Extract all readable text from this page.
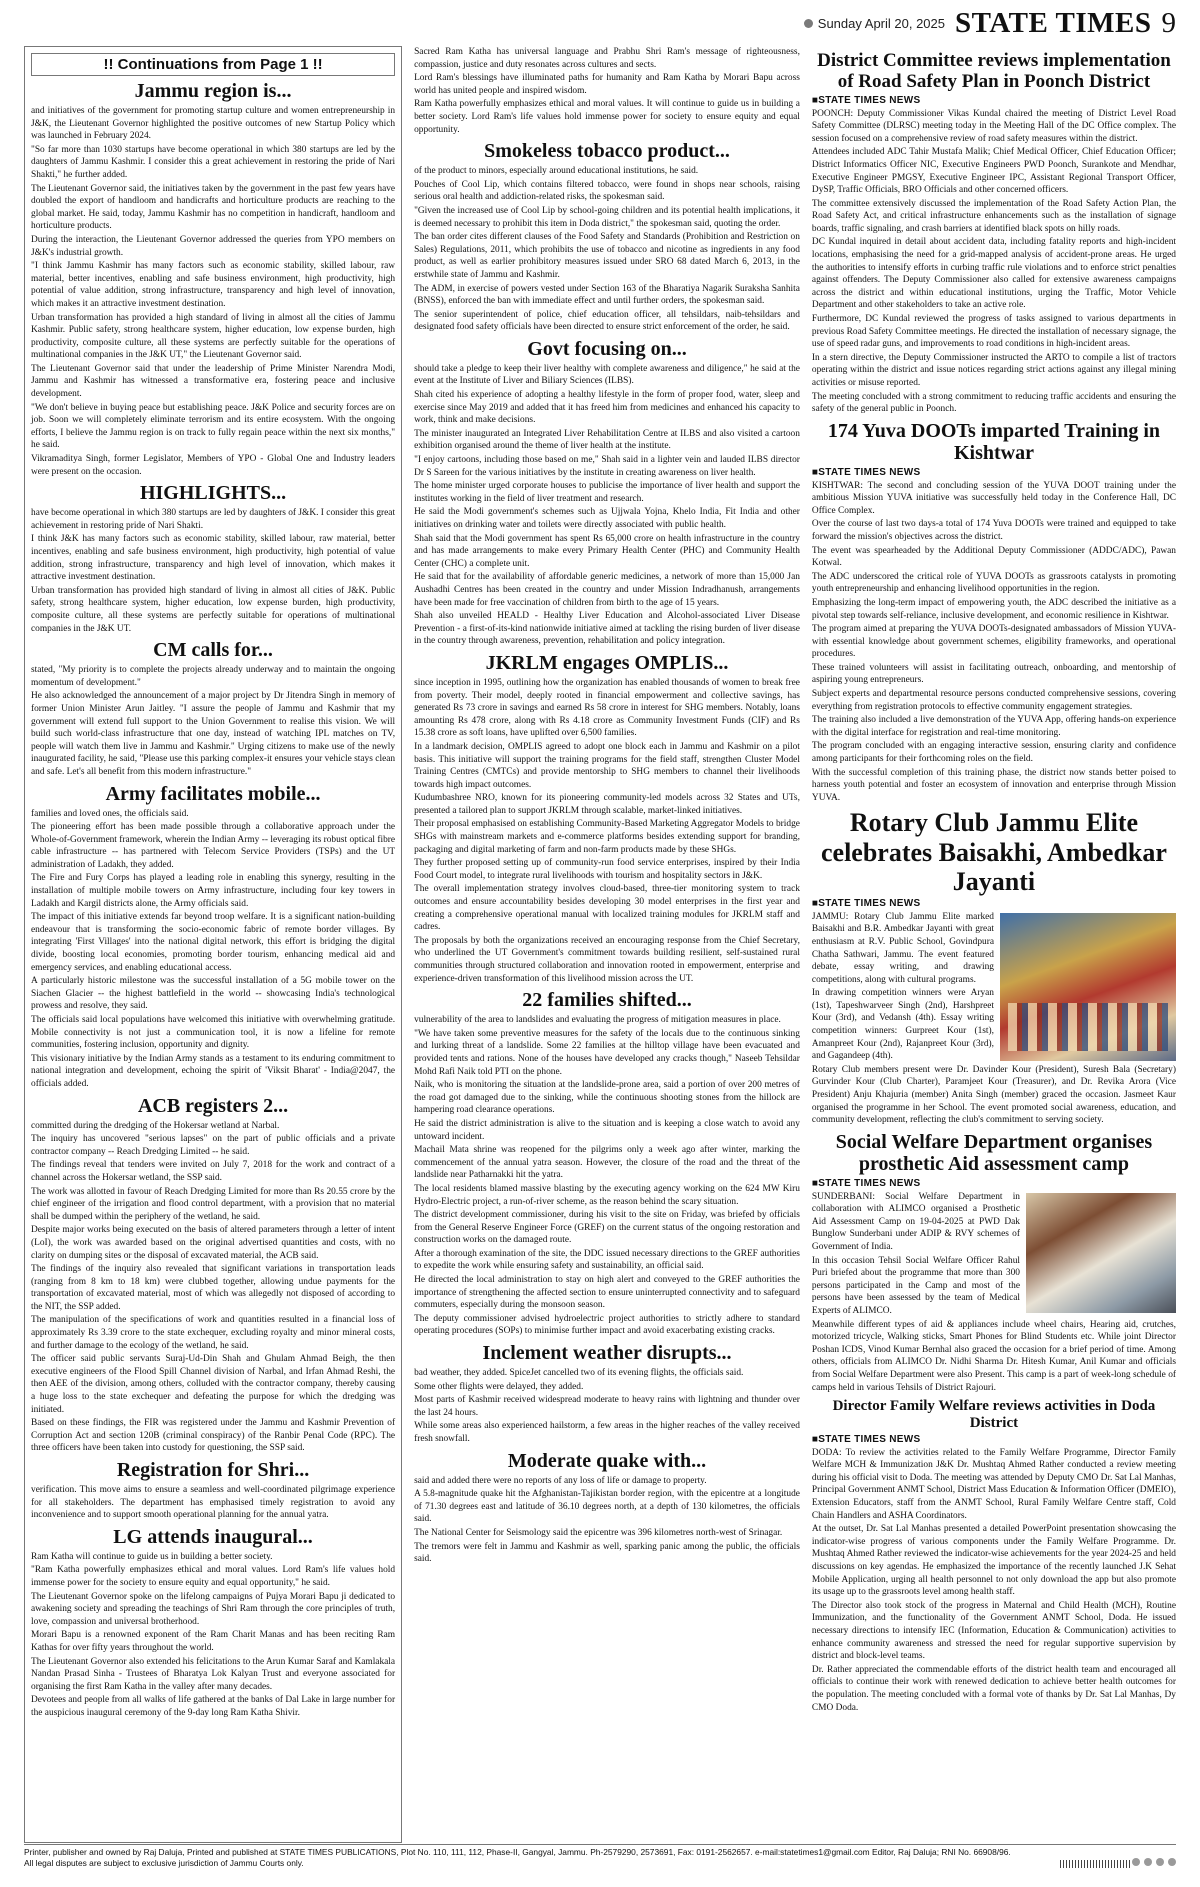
Sunday April 20, 2025 STATE TIMES 9
!! Continuations from Page 1 !!
Jammu region is...

and initiatives of the government for promoting startup culture and women entrepreneurship in J&K, the Lieutenant Governor highlighted the positive outcomes of new Startup Policy which was launched in February 2024.

"So far more than 1030 startups have become operational in which 380 startups are led by the daughters of Jammu Kashmir. I consider this a great achievement in restoring the pride of Nari Shakti," he further added.

The Lieutenant Governor said, the initiatives taken by the government in the past few years have doubled the export of handloom and handicrafts and horticulture products are reaching to the global market. He said, today, Jammu Kashmir has no competition in handicraft, handloom and horticulture products.

During the interaction, the Lieutenant Governor addressed the queries from YPO members on J&K's industrial growth.

"I think Jammu Kashmir has many factors such as economic stability, skilled labour, raw material, better incentives, enabling and safe business environment, high productivity, high potential of value addition, strong infrastructure, transparency and high level of innovation, which makes it an attractive investment destination.

Urban transformation has provided a high standard of living in almost all the cities of Jammu Kashmir. Public safety, strong healthcare system, higher education, low expense burden, high productivity, composite culture, all these systems are perfectly suitable for the operations of multinational companies in the J&K UT," the Lieutenant Governor said.

The Lieutenant Governor said that under the leadership of Prime Minister Narendra Modi, Jammu and Kashmir has witnessed a transformative era, fostering peace and inclusive development.

"We don't believe in buying peace but establishing peace. J&K Police and security forces are on job. Soon we will completely eliminate terrorism and its entire ecosystem. With the ongoing efforts, I believe the Jammu region is on track to fully regain peace within the next six months," he said.

Vikramaditya Singh, former Legislator, Members of YPO - Global One and Industry leaders were present on the occasion.

HIGHLIGHTS...

have become operational in which 380 startups are led by daughters of J&K. I consider this great achievement in restoring pride of Nari Shakti.

I think J&K has many factors such as economic stability, skilled labour, raw material, better incentives, enabling and safe business environment, high productivity, high potential of value addition, strong infrastructure, transparency and high level of innovation, which makes it attractive investment destination.

Urban transformation has provided high standard of living in almost all cities of J&K. Public safety, strong healthcare system, higher education, low expense burden, high productivity, composite culture, all these systems are perfectly suitable for operations of multinational companies in the J&K UT.

CM calls for...

stated, "My priority is to complete the projects already underway and to maintain the ongoing momentum of development."

He also acknowledged the announcement of a major project by Dr Jitendra Singh in memory of former Union Minister Arun Jaitley. "I assure the people of Jammu and Kashmir that my government will extend full support to the Union Government to realise this vision. We will build such world-class infrastructure that one day, instead of watching IPL matches on TV, people will watch them live in Jammu and Kashmir." Urging citizens to make use of the newly inaugurated facility, he said, "Please use this parking complex-it ensures your vehicle stays clean and safe. Let's all benefit from this modern infrastructure."

Army facilitates mobile...

families and loved ones, the officials said.

The pioneering effort has been made possible through a collaborative approach under the Whole-of-Government framework, wherein the Indian Army -- leveraging its robust optical fibre cable infrastructure -- has partnered with Telecom Service Providers (TSPs) and the UT administration of Ladakh, they added.

The Fire and Fury Corps has played a leading role in enabling this synergy, resulting in the installation of multiple mobile towers on Army infrastructure, including four key towers in Ladakh and Kargil districts alone, the Army officials said.

The impact of this initiative extends far beyond troop welfare. It is a significant nation-building endeavour that is transforming the socio-economic fabric of remote border villages. By integrating 'First Villages' into the national digital network, this effort is bridging the digital divide, boosting local economies, promoting border tourism, enhancing medical aid and emergency services, and enabling educational access.

A particularly historic milestone was the successful installation of a 5G mobile tower on the Siachen Glacier -- the highest battlefield in the world -- showcasing India's technological prowess and resolve, they said.

The officials said local populations have welcomed this initiative with overwhelming gratitude. Mobile connectivity is not just a communication tool, it is now a lifeline for remote communities, fostering inclusion, opportunity and dignity.

This visionary initiative by the Indian Army stands as a testament to its enduring commitment to national integration and development, echoing the spirit of 'Viksit Bharat' - India@2047, the officials added.

ACB registers 2...

committed during the dredging of the Hokersar wetland at Narbal.

The inquiry has uncovered "serious lapses" on the part of public officials and a private contractor company -- Reach Dredging Limited -- he said.

The findings reveal that tenders were invited on July 7, 2018 for the work and contract of a channel across the Hokersar wetland, the SSP said.

The work was allotted in favour of Reach Dredging Limited for more than Rs 20.55 crore by the chief engineer of the irrigation and flood control department, with a provision that no material shall be dumped within the periphery of the wetland, he said.

Despite major works being executed on the basis of altered parameters through a letter of intent (LoI), the work was awarded based on the original advertised quantities and costs, with no clarity on dumping sites or the disposal of excavated material, the ACB said.

The findings of the inquiry also revealed that significant variations in transportation leads (ranging from 8 km to 18 km) were clubbed together, allowing undue payments for the transportation of excavated material, most of which was allegedly not disposed of according to the NIT, the SSP added.

The manipulation of the specifications of work and quantities resulted in a financial loss of approximately Rs 3.39 crore to the state exchequer, excluding royalty and minor mineral costs, and further damage to the ecology of the wetland, he said.

The officer said public servants Suraj-Ud-Din Shah and Ghulam Ahmad Beigh, the then executive engineers of the Flood Spill Channel division of Narbal, and Irfan Ahmad Reshi, the then AEE of the division, among others, colluded with the contractor company, thereby causing a huge loss to the state exchequer and defeating the purpose for which the dredging was initiated.

Based on these findings, the FIR was registered under the Jammu and Kashmir Prevention of Corruption Act and section 120B (criminal conspiracy) of the Ranbir Penal Code (RPC). The three officers have been taken into custody for questioning, the SSP said.

Registration for Shri...

verification. This move aims to ensure a seamless and well-coordinated pilgrimage experience for all stakeholders. The department has emphasised timely registration to avoid any inconvenience and to support smooth operational planning for the annual yatra.

LG attends inaugural...

Ram Katha will continue to guide us in building a better society.

"Ram Katha powerfully emphasizes ethical and moral values. Lord Ram's life values hold immense power for the society to ensure equity and equal opportunity," he said.

The Lieutenant Governor spoke on the lifelong campaigns of Pujya Morari Bapu ji dedicated to awakening society and spreading the teachings of Shri Ram through the core principles of truth, love, compassion and universal brotherhood.

Morari Bapu is a renowned exponent of the Ram Charit Manas and has been reciting Ram Kathas for over fifty years throughout the world.

The Lieutenant Governor also extended his felicitations to the Arun Kumar Saraf and Kamlakala Nandan Prasad Sinha - Trustees of Bharatya Lok Kalyan Trust and everyone associated for organising the first Ram Katha in the valley after many decades.

Devotees and people from all walks of life gathered at the banks of Dal Lake in large number for the auspicious inaugural ceremony of the 9-day long Ram Katha Shivir.

Sacred Ram Katha has universal language and Prabhu Shri Ram's message of righteousness, compassion, justice and duty resonates across cultures and sects.

Lord Ram's blessings have illuminated paths for humanity and Ram Katha by Morari Bapu across world has united people and inspired wisdom.

Ram Katha powerfully emphasizes ethical and moral values. It will continue to guide us in building a better society. Lord Ram's life values hold immense power for society to ensure equity and equal opportunity.

Smokeless tobacco product...

of the product to minors, especially around educational institutions, he said.

Pouches of Cool Lip, which contains filtered tobacco, were found in shops near schools, raising serious oral health and addiction-related risks, the spokesman said.

"Given the increased use of Cool Lip by school-going children and its potential health implications, it is deemed necessary to prohibit this item in Doda district," the spokesman said, quoting the order.

The ban order cites different clauses of the Food Safety and Standards (Prohibition and Restriction on Sales) Regulations, 2011, which prohibits the use of tobacco and nicotine as ingredients in any food product, as well as earlier prohibitory measures issued under SRO 68 dated March 6, 2013, in the erstwhile state of Jammu and Kashmir.

The ADM, in exercise of powers vested under Section 163 of the Bharatiya Nagarik Suraksha Sanhita (BNSS), enforced the ban with immediate effect and until further orders, the spokesman said.

The senior superintendent of police, chief education officer, all tehsildars, naib-tehsildars and designated food safety officials have been directed to ensure strict enforcement of the order, he said.

Govt focusing on...

should take a pledge to keep their liver healthy with complete awareness and diligence," he said at the event at the Institute of Liver and Biliary Sciences (ILBS).

Shah cited his experience of adopting a healthy lifestyle in the form of proper food, water, sleep and exercise since May 2019 and added that it has freed him from medicines and enhanced his capacity to work, think and make decisions.

The minister inaugurated an Integrated Liver Rehabilitation Centre at ILBS and also visited a cartoon exhibition organised around the theme of liver health at the institute.

"I enjoy cartoons, including those based on me," Shah said in a lighter vein and lauded ILBS director Dr S Sareen for the various initiatives by the institute in creating awareness on liver health.

The home minister urged corporate houses to publicise the importance of liver health and support the institutes working in the field of liver treatment and research.

He said the Modi government's schemes such as Ujjwala Yojna, Khelo India, Fit India and other initiatives on drinking water and toilets were directly associated with public health.

Shah said that the Modi government has spent Rs 65,000 crore on health infrastructure in the country and has made arrangements to make every Primary Health Center (PHC) and Community Health Center (CHC) a complete unit.

He said that for the availability of affordable generic medicines, a network of more than 15,000 Jan Aushadhi Centres has been created in the country and under Mission Indradhanush, arrangements have been made for free vaccination of children from birth to the age of 15 years.

Shah also unveiled HEALD - Healthy Liver Education and Alcohol-associated Liver Disease Prevention - a first-of-its-kind nationwide initiative aimed at tackling the rising burden of liver disease in the country through awareness, prevention, rehabilitation and policy integration.

JKRLM engages OMPLIS...

since inception in 1995, outlining how the organization has enabled thousands of women to break free from poverty. Their model, deeply rooted in financial empowerment and collective savings, has generated Rs 73 crore in savings and earned Rs 58 crore in interest for SHG members. Notably, loans amounting Rs 478 crore, along with Rs 4.18 crore as Community Investment Funds (CIF) and Rs 15.38 crore as soft loans, have uplifted over 6,500 families.

In a landmark decision, OMPLIS agreed to adopt one block each in Jammu and Kashmir on a pilot basis. This initiative will support the training programs for the field staff, strengthen Cluster Model Training Centres (CMTCs) and provide mentorship to SHG members to channel their livelihoods towards high impact outcomes.

Kudumbashree NRO, known for its pioneering community-led models across 32 States and UTs, presented a tailored plan to support JKRLM through scalable, market-linked initiatives.

Their proposal emphasised on establishing Community-Based Marketing Aggregator Models to bridge SHGs with mainstream markets and e-commerce platforms besides extending support for branding, packaging and digital marketing of farm and non-farm products made by these SHGs.

They further proposed setting up of community-run food service enterprises, inspired by their India Food Court model, to integrate rural livelihoods with tourism and hospitality sectors in J&K.

The overall implementation strategy involves cloud-based, three-tier monitoring system to track outcomes and ensure accountability besides developing 30 model enterprises in the first year and creating a comprehensive operational manual with localized training modules for JKRLM staff and cadres.

The proposals by both the organizations received an encouraging response from the Chief Secretary, who underlined the UT Government's commitment towards building resilient, self-sustained rural communities through structured collaboration and innovation rooted in empowerment, enterprise and experience-driven transformation of this livelihood mission across the UT.

22 families shifted...

vulnerability of the area to landslides and evaluating the progress of mitigation measures in place.

"We have taken some preventive measures for the safety of the locals due to the continuous sinking and lurking threat of a landslide. Some 22 families at the hilltop village have been evacuated and provided tents and rations. None of the houses have developed any cracks though," Naseeb Tehsildar Mohd Rafi Naik told PTI on the phone.

Naik, who is monitoring the situation at the landslide-prone area, said a portion of over 200 metres of the road got damaged due to the sinking, while the continuous shooting stones from the hillock are hampering road clearance operations.

He said the district administration is alive to the situation and is keeping a close watch to avoid any untoward incident.

Machail Mata shrine was reopened for the pilgrims only a week ago after winter, marking the commencement of the annual yatra season. However, the closure of the road and the threat of the landslide near Patharnakki hit the yatra.

The local residents blamed massive blasting by the executing agency working on the 624 MW Kiru Hydro-Electric project, a run-of-river scheme, as the reason behind the scary situation.

The district development commissioner, during his visit to the site on Friday, was briefed by officials from the General Reserve Engineer Force (GREF) on the current status of the ongoing restoration and construction works on the damaged route.

After a thorough examination of the site, the DDC issued necessary directions to the GREF authorities to expedite the work while ensuring safety and sustainability, an official said.

He directed the local administration to stay on high alert and conveyed to the GREF authorities the importance of strengthening the affected section to ensure uninterrupted connectivity and to safeguard commuters, especially during the monsoon season.

The deputy commissioner advised hydroelectric project authorities to strictly adhere to standard operating procedures (SOPs) to minimise further impact and avoid exacerbating existing cracks.

Inclement weather disrupts...

bad weather, they added. SpiceJet cancelled two of its evening flights, the officials said.

Some other flights were delayed, they added.

Most parts of Kashmir received widespread moderate to heavy rains with lightning and thunder over the last 24 hours.

While some areas also experienced hailstorm, a few areas in the higher reaches of the valley received fresh snowfall.

Moderate quake with...

said and added there were no reports of any loss of life or damage to property.

A 5.8-magnitude quake hit the Afghanistan-Tajikistan border region, with the epicentre at a longitude of 71.30 degrees east and latitude of 36.10 degrees north, at a depth of 130 kilometres, the officials said.

The National Center for Seismology said the epicentre was 396 kilometres north-west of Srinagar.

The tremors were felt in Jammu and Kashmir as well, sparking panic among the public, the officials said.

District Committee reviews implementation of Road Safety Plan in Poonch District
■ STATE TIMES NEWS

POONCH: Deputy Commissioner Vikas Kundal chaired the meeting of District Level Road Safety Committee (DLRSC) meeting today in the Meeting Hall of the DC Office complex. The session focused on a comprehensive review of road safety measures within the district.

Attendees included ADC Tahir Mustafa Malik; Chief Medical Officer, Chief Education Officer; District Informatics Officer NIC, Executive Engineers PWD Poonch, Surankote and Mendhar, Executive Engineer PMGSY, Executive Engineer IPC, Assistant Regional Transport Officer, DySP, Traffic Officials, BRO Officials and other concerned officers.

The committee extensively discussed the implementation of the Road Safety Action Plan, the Road Safety Act, and critical infrastructure enhancements such as the installation of signage boards, traffic signaling, and crash barriers at identified black spots on hilly roads.

DC Kundal inquired in detail about accident data, including fatality reports and high-incident locations, emphasising the need for a grid-mapped analysis of accident-prone areas. He urged the authorities to intensify efforts in curbing traffic rule violations and to enforce strict penalties against offenders. The Deputy Commissioner also called for extensive awareness campaigns across the district and within educational institutions, urging the Traffic, Motor Vehicle Department and other stakeholders to take an active role.

Furthermore, DC Kundal reviewed the progress of tasks assigned to various departments in previous Road Safety Committee meetings. He directed the installation of necessary signage, the use of speed radar guns, and improvements to road conditions in high-incident areas.

In a stern directive, the Deputy Commissioner instructed the ARTO to compile a list of tractors operating within the district and issue notices regarding strict actions against any illegal mining activities or misuse reported.

The meeting concluded with a strong commitment to reducing traffic accidents and ensuring the safety of the general public in Poonch.

174 Yuva DOOTs imparted Training in Kishtwar
■ STATE TIMES NEWS

KISHTWAR: The second and concluding session of the YUVA DOOT training under the ambitious Mission YUVA initiative was successfully held today in the Conference Hall, DC Office Complex.

Over the course of last two days-a total of 174 Yuva DOOTs were trained and equipped to take forward the mission's objectives across the district.

The event was spearheaded by the Additional Deputy Commissioner (ADDC/ADC), Pawan Kotwal.

The ADC underscored the critical role of YUVA DOOTs as grassroots catalysts in promoting youth entrepreneurship and enhancing livelihood opportunities in the region.

Emphasizing the long-term impact of empowering youth, the ADC described the initiative as a pivotal step towards self-reliance, inclusive development, and economic resilience in Kishtwar.

The program aimed at preparing the YUVA DOOTs-designated ambassadors of Mission YUVA-with essential knowledge about government schemes, eligibility frameworks, and operational procedures.

These trained volunteers will assist in facilitating outreach, onboarding, and mentorship of aspiring young entrepreneurs.

Subject experts and departmental resource persons conducted comprehensive sessions, covering everything from registration protocols to effective community engagement strategies.

The training also included a live demonstration of the YUVA App, offering hands-on experience with the digital interface for registration and real-time monitoring.

The program concluded with an engaging interactive session, ensuring clarity and confidence among participants for their forthcoming roles on the field.

With the successful completion of this training phase, the district now stands better poised to harness youth potential and foster an ecosystem of innovation and enterprise through Mission YUVA.

Rotary Club Jammu Elite celebrates Baisakhi, Ambedkar Jayanti
■ STATE TIMES NEWS

JAMMU: Rotary Club Jammu Elite marked Baisakhi and B.R. Ambedkar Jayanti with great enthusiasm at R.V. Public School, Govindpura Chatha Sathwari, Jammu. The event featured debate, essay writing, and drawing competitions, along with cultural programs.

In drawing competition winners were Aryan (1st), Tapeshwarveer Singh (2nd), Harshpreet Kour (3rd), and Vedansh (4th). Essay writing competition winners: Gurpreet Kour (1st), Amanpreet Kour (2nd), Rajanpreet Kour (3rd), and Gagandeep (4th).

Rotary Club members present were Dr. Davinder Kour (President), Suresh Bala (Secretary) Gurvinder Kour (Club Charter), Paramjeet Kour (Treasurer), and Dr. Revika Arora (Vice President) Anju Khajuria (member) Anita Singh (member) graced the occasion. Jasmeet Kaur organised the programme in her School. The event promoted social awareness, education, and community development, reflecting the club's commitment to serving society.

Social Welfare Department organises prosthetic Aid assessment camp
■ STATE TIMES NEWS

SUNDERBANI: Social Welfare Department in collaboration with ALIMCO organised a Prosthetic Aid Assessment Camp on 19-04-2025 at PWD Dak Bunglow Sunderbani under ADIP & RVY schemes of Government of India.

In this occasion Tehsil Social Welfare Officer Rahul Puri briefed about the programme that more than 300 persons participated in the Camp and most of the persons have been assessed by the team of Medical Experts of ALIMCO.

Meanwhile different types of aid & appliances include wheel chairs, Hearing aid, crutches, motorized tricycle, Walking sticks, Smart Phones for Blind Students etc. While joint Director Poshan ICDS, Vinod Kumar Bernhal also graced the occasion for a brief period of time. Among others, officials from ALIMCO Dr. Nidhi Sharma Dr. Hitesh Kumar, Anil Kumar and officials from Social Welfare Department were also Present. This camp is a part of week-long schedule of camps held in various Tehsils of District Rajouri.

Director Family Welfare reviews activities in Doda District
■ STATE TIMES NEWS

DODA: To review the activities related to the Family Welfare Programme, Director Family Welfare MCH & Immunization J&K Dr. Mushtaq Ahmed Rather conducted a review meeting during his official visit to Doda. The meeting was attended by Deputy CMO Dr. Sat Lal Manhas, Principal Government ANMT School, District Mass Education & Information Officer (DMEIO), Extension Educators, staff from the ANMT School, Rural Family Welfare Centre staff, Cold Chain Handlers and ASHA Coordinators.

At the outset, Dr. Sat Lal Manhas presented a detailed PowerPoint presentation showcasing the indicator-wise progress of various components under the Family Welfare Programme. Dr. Mushtaq Ahmed Rather reviewed the indicator-wise achievements for the year 2024-25 and held discussions on key agendas. He emphasized the importance of the recently launched J.K Sehat Mobile Application, urging all health personnel to not only download the app but also promote its usage up to the grassroots level among health staff.

The Director also took stock of the progress in Maternal and Child Health (MCH), Routine Immunization, and the functionality of the Government ANMT School, Doda. He issued necessary directions to intensify IEC (Information, Education & Communication) activities to enhance community awareness and stressed the need for regular supportive supervision by district and block-level teams.

Dr. Rather appreciated the commendable efforts of the district health team and encouraged all officials to continue their work with renewed dedication to achieve better health outcomes for the population. The meeting concluded with a formal vote of thanks by Dr. Sat Lal Manhas, Dy CMO Doda.

Printer, publisher and owned by Raj Daluja, Printed and published at STATE TIMES PUBLICATIONS, Plot No. 110, 111, 112, Phase-II, Gangyal, Jammu. Ph-2579290, 2573691, Fax: 0191-2562657. e-mail:statetimes1@gmail.com Editor, Raj Daluja; RNI No. 66908/96.
All legal disputes are subject to exclusive jurisdiction of Jammu Courts only.
